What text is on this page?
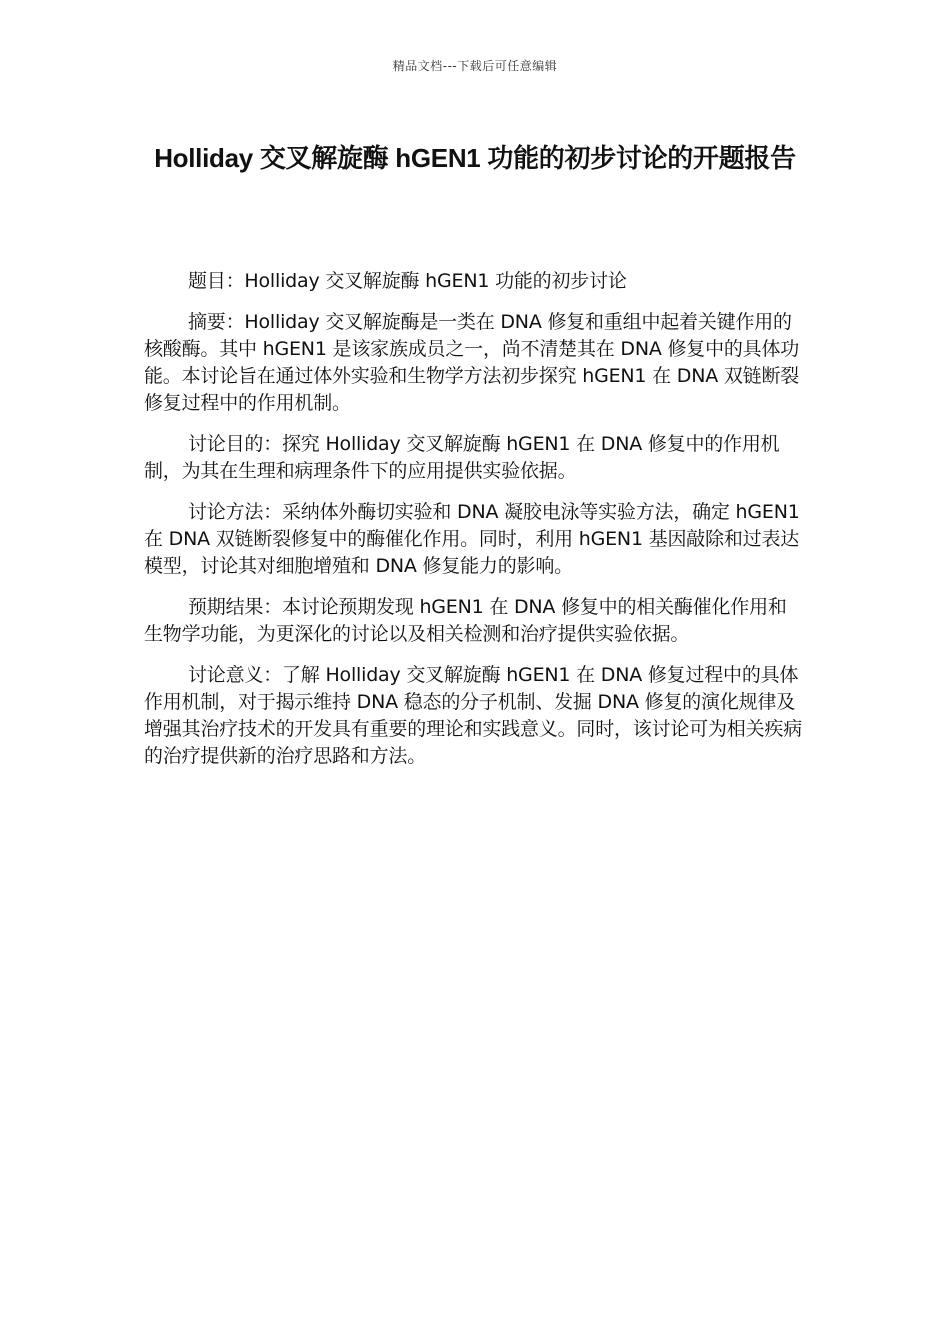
精品文档---下载后可任意编辑
Holliday 交叉解旋酶 hGEN1 功能的初步讨论的开题报告

题目：Holliday 交叉解旋酶 hGEN1 功能的初步讨论

摘要：Holliday 交叉解旋酶是一类在 DNA 修复和重组中起着关键作用的核酸酶。其中 hGEN1 是该家族成员之一，尚不清楚其在 DNA 修复中的具体功能。本讨论旨在通过体外实验和生物学方法初步探究 hGEN1 在 DNA 双链断裂修复过程中的作用机制。

讨论目的：探究 Holliday 交叉解旋酶 hGEN1 在 DNA 修复中的作用机制，为其在生理和病理条件下的应用提供实验依据。

讨论方法：采纳体外酶切实验和 DNA 凝胶电泳等实验方法，确定 hGEN1 在 DNA 双链断裂修复中的酶催化作用。同时，利用 hGEN1 基因敲除和过表达模型，讨论其对细胞增殖和 DNA 修复能力的影响。

预期结果：本讨论预期发现 hGEN1 在 DNA 修复中的相关酶催化作用和生物学功能，为更深化的讨论以及相关检测和治疗提供实验依据。

讨论意义：了解 Holliday 交叉解旋酶 hGEN1 在 DNA 修复过程中的具体作用机制，对于揭示维持 DNA 稳态的分子机制、发掘 DNA 修复的演化规律及增强其治疗技术的开发具有重要的理论和实践意义。同时，该讨论可为相关疾病的治疗提供新的治疗思路和方法。
